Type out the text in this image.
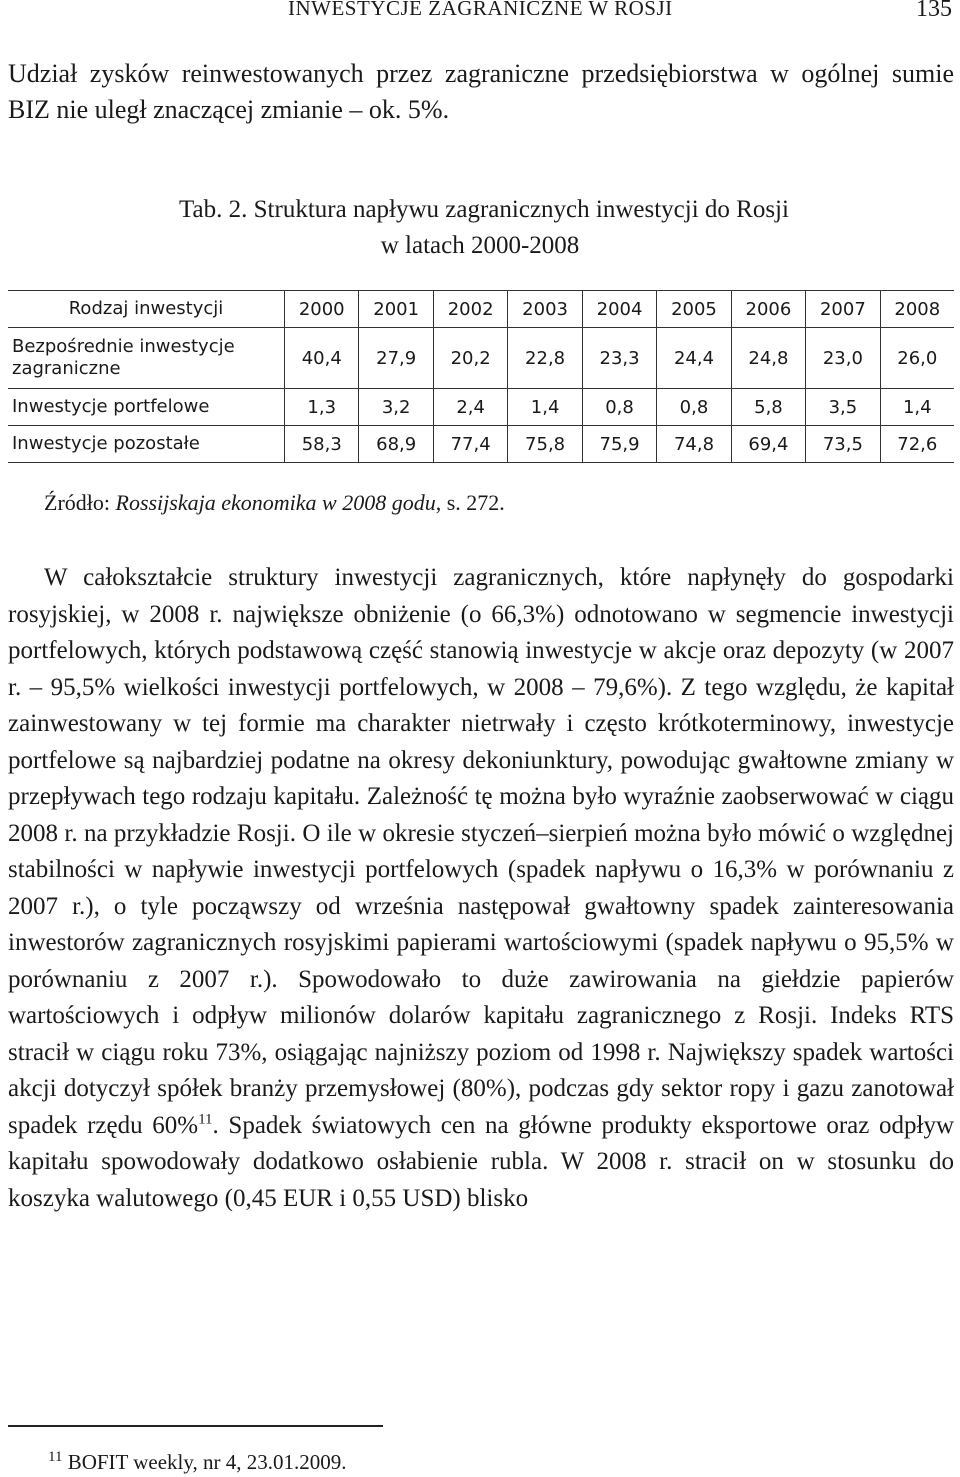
INWESTYCJE ZAGRANICZNE W ROSJI	135

Udział zysków reinwestowanych przez zagraniczne przedsiębiorstwa w ogólnej sumie BIZ nie uległ znaczącej zmianie – ok. 5%.

Tab. 2. Struktura napływu zagranicznych inwestycji do Rosji
w latach 2000-2008
Rodzaj inwestycji	2000	2001	2002	2003	2004	2005	2006	2007	2008
Bezpośrednie inwestycje zagraniczne	40,4	27,9	20,2	22,8	23,3	24,4	24,8	23,0	26,0
Inwestycje portfelowe	1,3	3,2	2,4	1,4	0,8	0,8	5,8	3,5	1,4
Inwestycje pozostałe	58,3	68,9	77,4	75,8	75,9	74,8	69,4	73,5	72,6
Źródło: Rossijskaja ekonomika w 2008 godu, s. 272.

W całokształcie struktury inwestycji zagranicznych, które napłynęły do gospodarki rosyjskiej, w 2008 r. największe obniżenie (o 66,3%) odnotowano w segmencie inwestycji portfelowych, których podstawową część stanowią inwestycje w akcje oraz depozyty (w 2007 r. – 95,5% wielkości inwestycji portfelowych, w 2008 – 79,6%). Z tego względu, że kapitał zainwestowany w tej formie ma charakter nietrwały i często krótkoterminowy, inwestycje portfelowe są najbardziej podatne na okresy dekoniunktury, powodując gwałtowne zmiany w przepływach tego rodzaju kapitału. Zależność tę można było wyraźnie zaobserwować w ciągu 2008 r. na przykładzie Rosji. O ile w okresie styczeń–sierpień można było mówić o względnej stabilności w napływie inwestycji portfelowych (spadek napływu o 16,3% w porównaniu z 2007 r.), o tyle począwszy od września następował gwałtowny spadek zainteresowania inwestorów zagranicznych rosyjskimi papierami wartościowymi (spadek napływu o 95,5% w porównaniu z 2007 r.). Spowodowało to duże zawirowania na giełdzie papierów wartościowych i odpływ milionów dolarów kapitału zagranicznego z Rosji. Indeks RTS stracił w ciągu roku 73%, osiągając najniższy poziom od 1998 r. Największy spadek wartości akcji dotyczył spółek branży przemysłowej (80%), podczas gdy sektor ropy i gazu zanotował spadek rzędu 60%$^{11}$. Spadek światowych cen na główne produkty eksportowe oraz odpływ kapitału spowodowały dodatkowo osłabienie rubla. W 2008 r. stracił on w stosunku do koszyka walutowego (0,45 EUR i 0,55 USD) blisko

$^{11}$ BOFIT weekly, nr 4, 23.01.2009.
